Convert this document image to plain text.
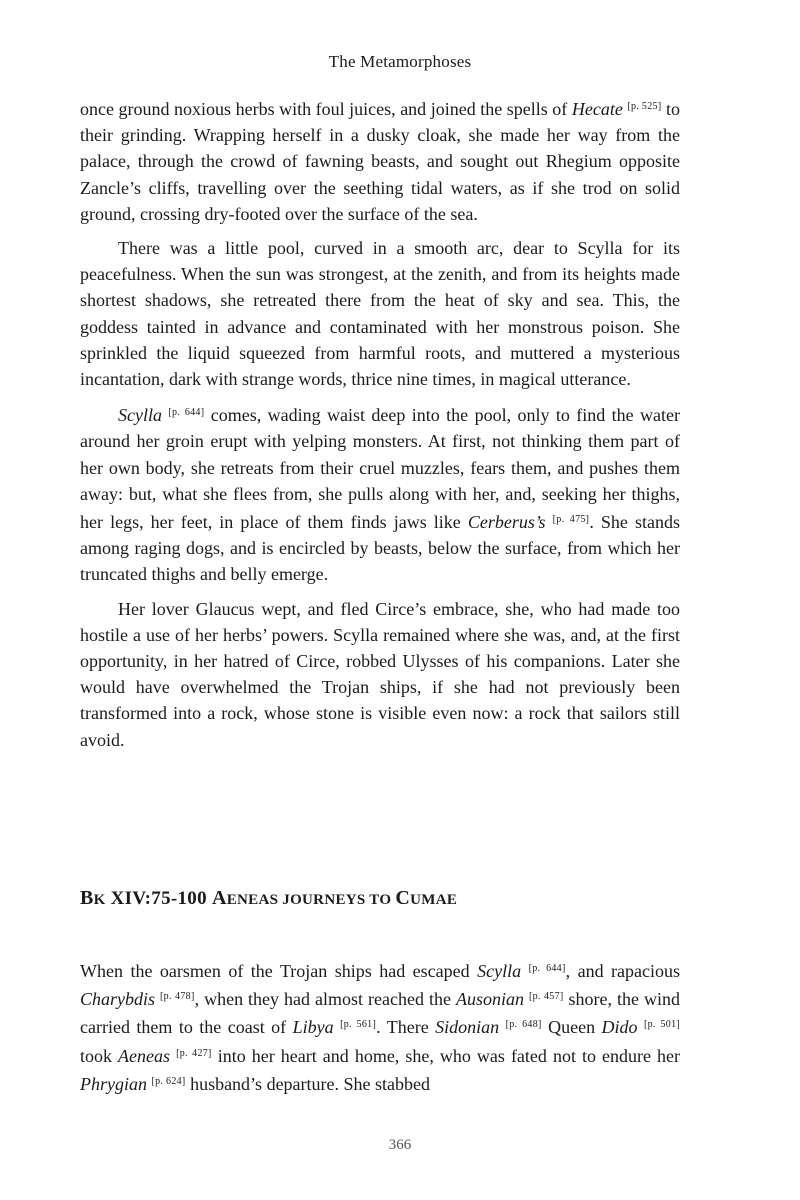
The Metamorphoses

once ground noxious herbs with foul juices, and joined the spells of Hecate [p. 525] to their grinding. Wrapping herself in a dusky cloak, she made her way from the palace, through the crowd of fawning beasts, and sought out Rhegium opposite Zancle’s cliffs, travelling over the seething tidal waters, as if she trod on solid ground, crossing dry-footed over the surface of the sea.

There was a little pool, curved in a smooth arc, dear to Scylla for its peacefulness. When the sun was strongest, at the zenith, and from its heights made shortest shadows, she retreated there from the heat of sky and sea. This, the goddess tainted in advance and contaminated with her monstrous poison. She sprinkled the liquid squeezed from harmful roots, and muttered a mysterious incantation, dark with strange words, thrice nine times, in magical utterance.

Scylla [p. 644] comes, wading waist deep into the pool, only to find the water around her groin erupt with yelping monsters. At first, not thinking them part of her own body, she retreats from their cruel muzzles, fears them, and pushes them away: but, what she flees from, she pulls along with her, and, seeking her thighs, her legs, her feet, in place of them finds jaws like Cerberus’s [p. 475]. She stands among raging dogs, and is encircled by beasts, below the surface, from which her truncated thighs and belly emerge.

Her lover Glaucus wept, and fled Circe’s embrace, she, who had made too hostile a use of her herbs’ powers. Scylla remained where she was, and, at the first opportunity, in her hatred of Circe, robbed Ulysses of his companions. Later she would have overwhelmed the Trojan ships, if she had not previously been transformed into a rock, whose stone is visible even now: a rock that sailors still avoid.

BK XIV:75-100 AENEAS JOURNEYS TO CUMAE

When the oarsmen of the Trojan ships had escaped Scylla [p. 644], and rapacious Charybdis [p. 478], when they had almost reached the Ausonian [p. 457] shore, the wind carried them to the coast of Libya [p. 561]. There Sidonian [p. 648] Queen Dido [p. 501] took Aeneas [p. 427] into her heart and home, she, who was fated not to endure her Phrygian [p. 624] husband’s departure. She stabbed

366
